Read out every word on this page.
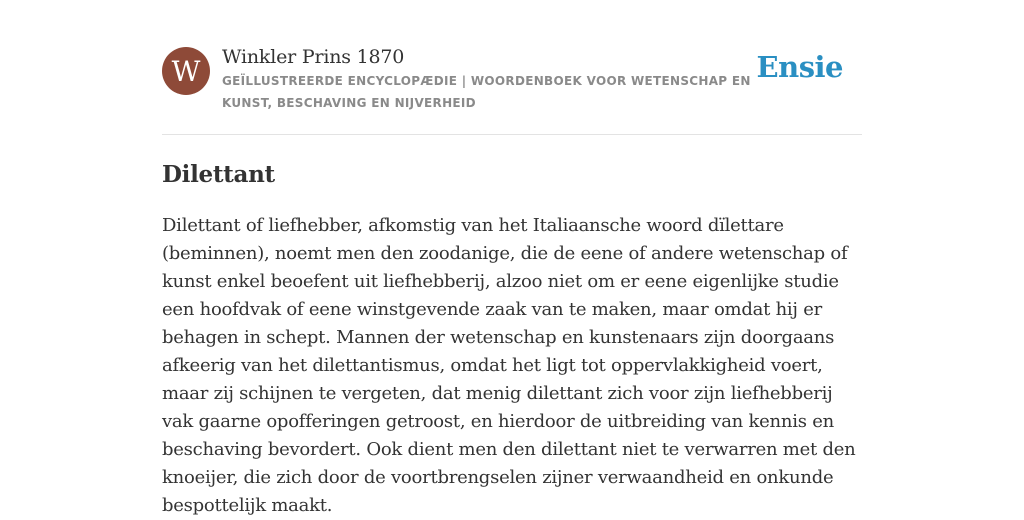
W	Winkler Prins 1870
GEÏLLUSTREERDE ENCYCLOPÆDIE | WOORDENBOEK VOOR WETENSCHAP EN KUNST, BESCHAVING EN NIJVERHEID
Ensie
Dilettant

Dilettant of liefhebber, afkomstig van het Italiaansche woord dïlettare (beminnen), noemt men den zoodanige, die de eene of andere wetenschap of kunst enkel beoefent uit liefhebberij, alzoo niet om er eene eigenlijke studie een hoofdvak of eene winstgevende zaak van te maken, maar omdat hij er behagen in schept. Mannen der wetenschap en kunstenaars zijn doorgaans afkeerig van het dilettantismus, omdat het ligt tot oppervlakkigheid voert, maar zij schijnen te vergeten, dat menig dilettant zich voor zijn liefhebberij vak gaarne opofferingen getroost, en hierdoor de uitbreiding van kennis en beschaving bevordert. Ook dient men den dilettant niet te verwarren met den knoeijer, die zich door de voortbrengselen zijner verwaandheid en onkunde bespottelijk maakt.
